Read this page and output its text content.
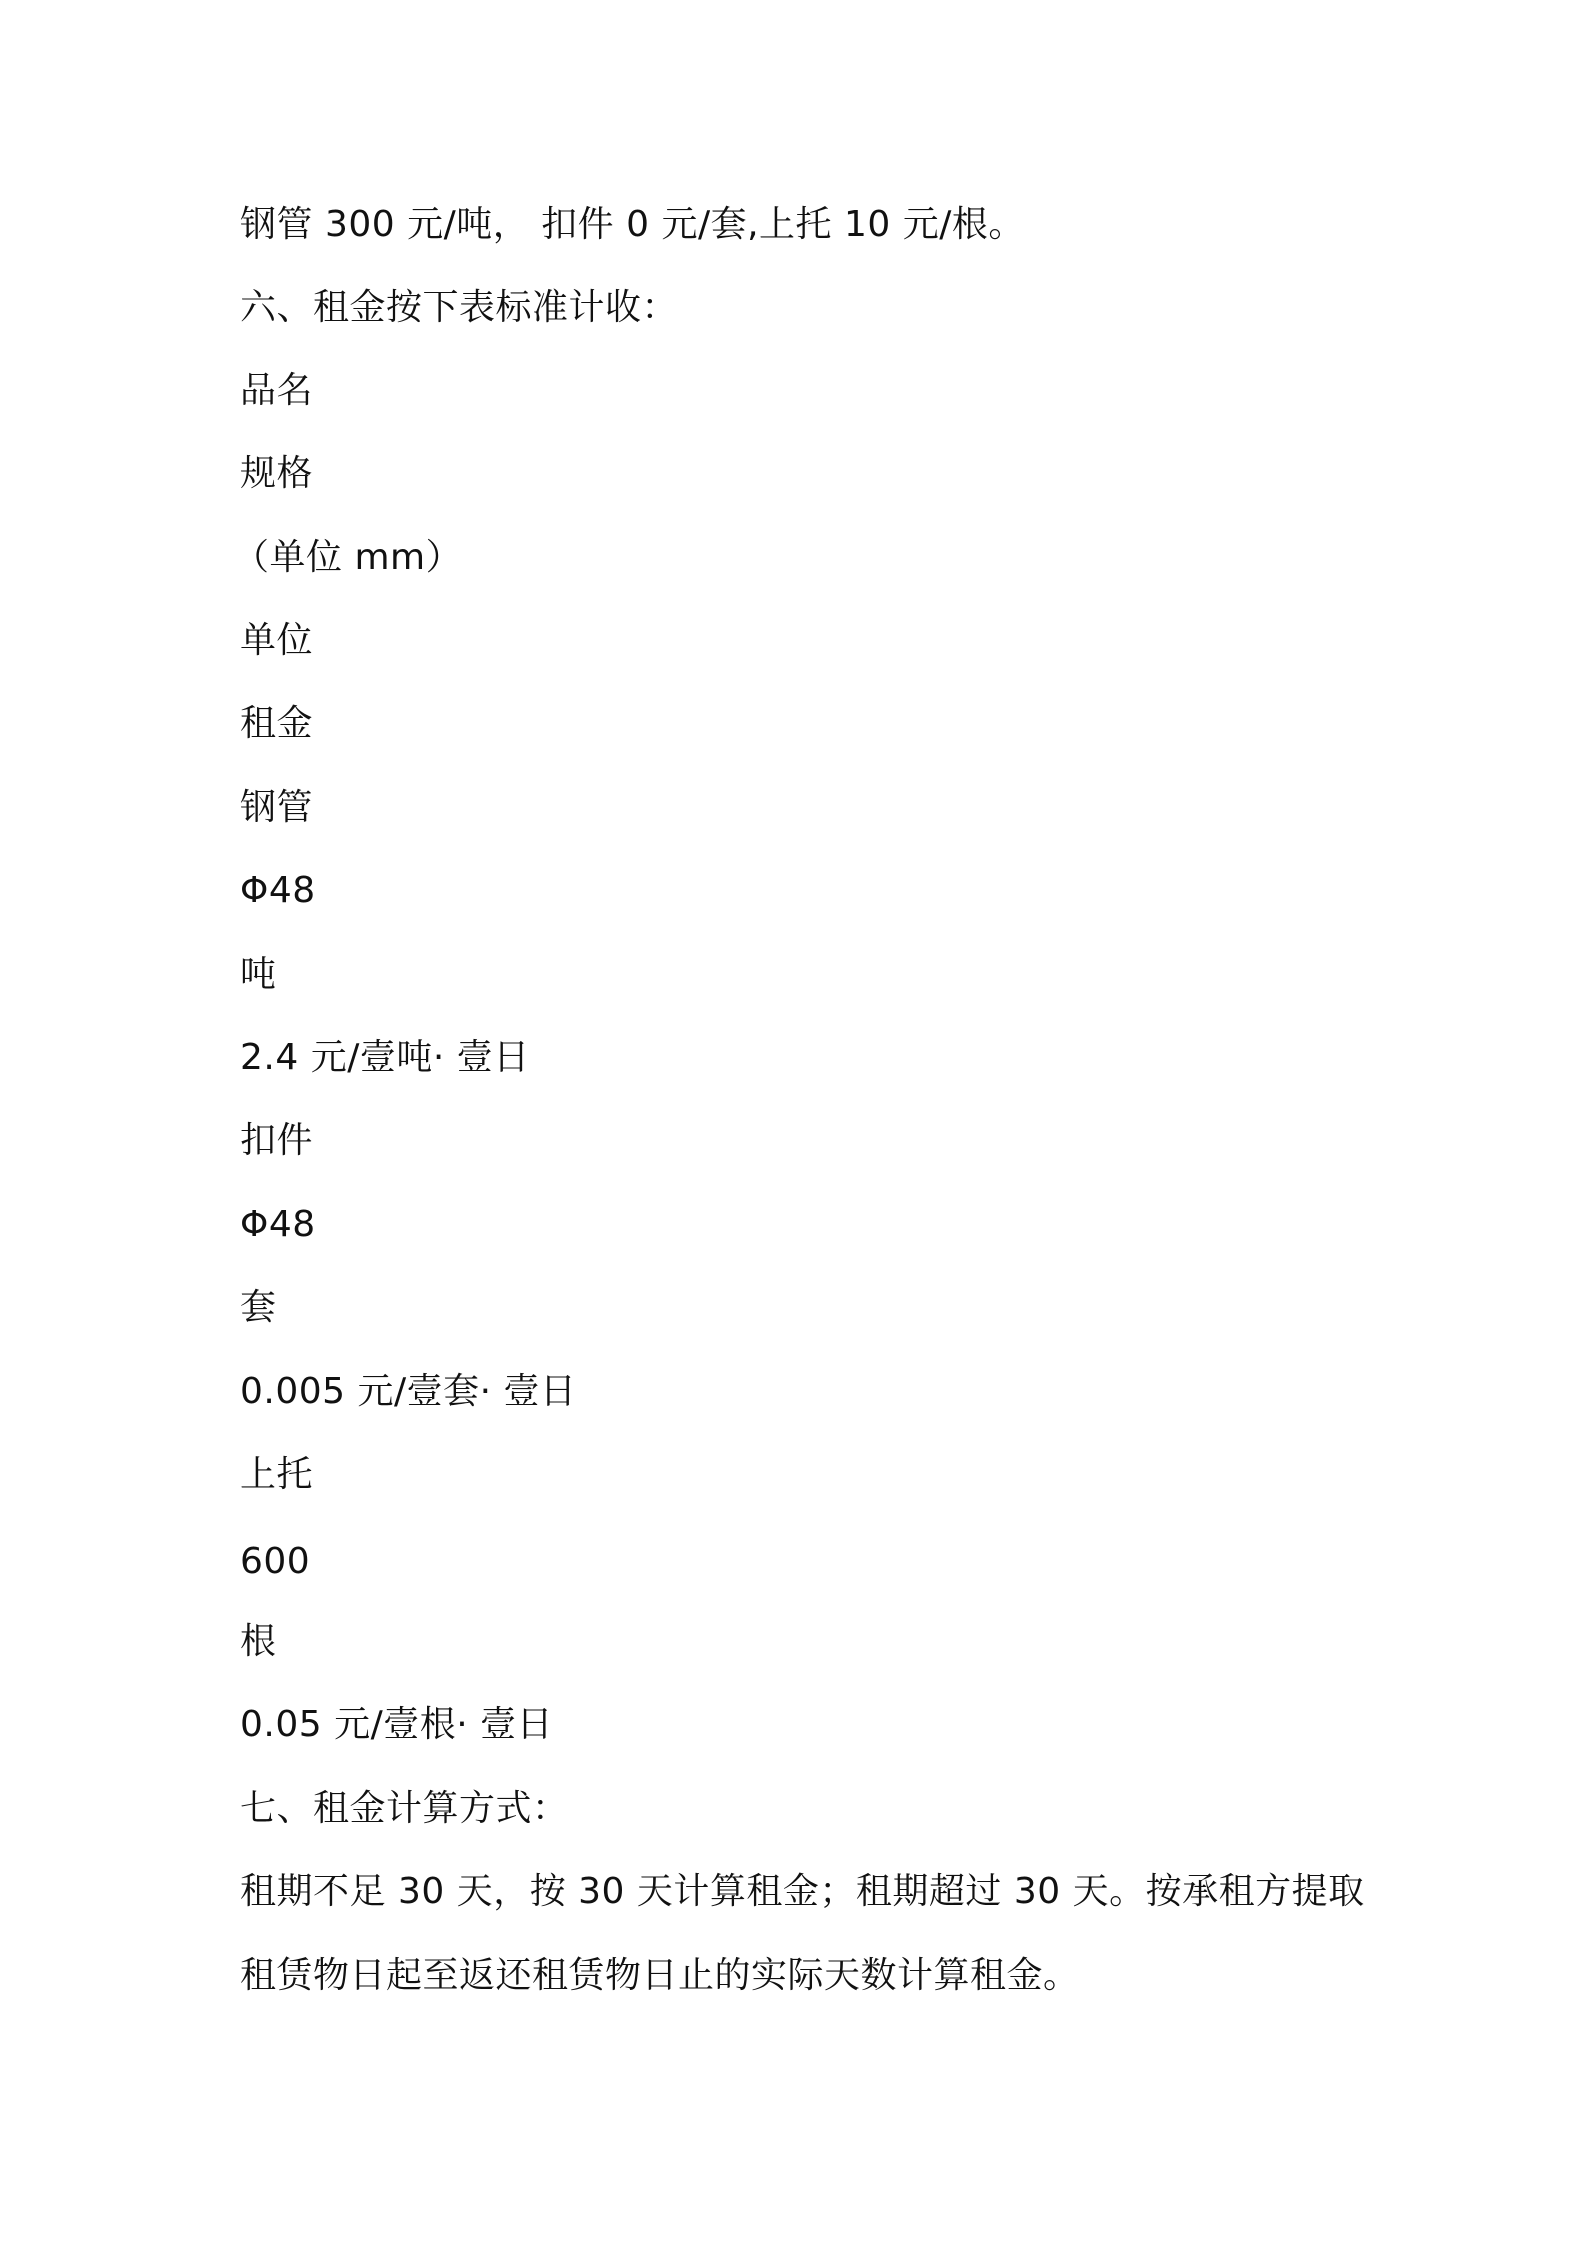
钢管 300 元/吨， 扣件 0 元/套,上托 10 元/根。
六、租金按下表标准计收：
品名
规格
（单位 mm）
单位
租金
钢管
Φ48
吨
2.4 元/壹吨· 壹日
扣件
Φ48
套
0.005 元/壹套· 壹日
上托
600
根
0.05 元/壹根· 壹日
七、租金计算方式：
租期不足 30 天，按 30 天计算租金；租期超过 30 天。按承租方提取
租赁物日起至返还租赁物日止的实际天数计算租金。
